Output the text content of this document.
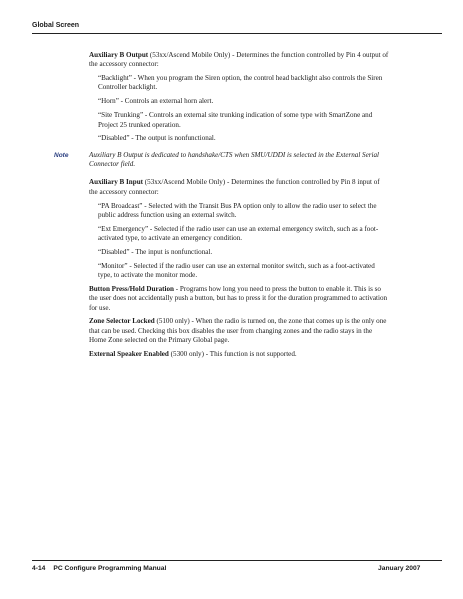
Global Screen

Auxiliary B Output (53xx/Ascend Mobile Only) - Determines the function controlled by Pin 4 output of the accessory connector:

“Backlight” - When you program the Siren option, the control head backlight also controls the Siren Controller backlight.

“Horn” - Controls an external horn alert.

“Site Trunking” - Controls an external site trunking indication of some type with SmartZone and Project 25 trunked operation.

“Disabled” - The output is nonfunctional.

Note	Auxiliary B Output is dedicated to handshake/CTS when SMU/UDDI is selected in the External Serial Connector field.

Auxiliary B Input (53xx/Ascend Mobile Only) - Determines the function controlled by Pin 8 input of the accessory connector:

“PA Broadcast” - Selected with the Transit Bus PA option only to allow the radio user to select the public address function using an external switch.

“Ext Emergency” - Selected if the radio user can use an external emergency switch, such as a foot-activated type, to activate an emergency condition.

“Disabled” - The input is nonfunctional.

“Monitor” - Selected if the radio user can use an external monitor switch, such as a foot-activated type, to activate the monitor mode.

Button Press/Hold Duration - Programs how long you need to press the button to enable it. This is so the user does not accidentally push a button, but has to press it for the duration programmed to activation for use.

Zone Selector Locked (5100 only) - When the radio is turned on, the zone that comes up is the only one that can be used. Checking this box disables the user from changing zones and the radio stays in the Home Zone selected on the Primary Global page.

External Speaker Enabled (5300 only) - This function is not supported.

4-14 PC Configure Programming Manual	January 2007
